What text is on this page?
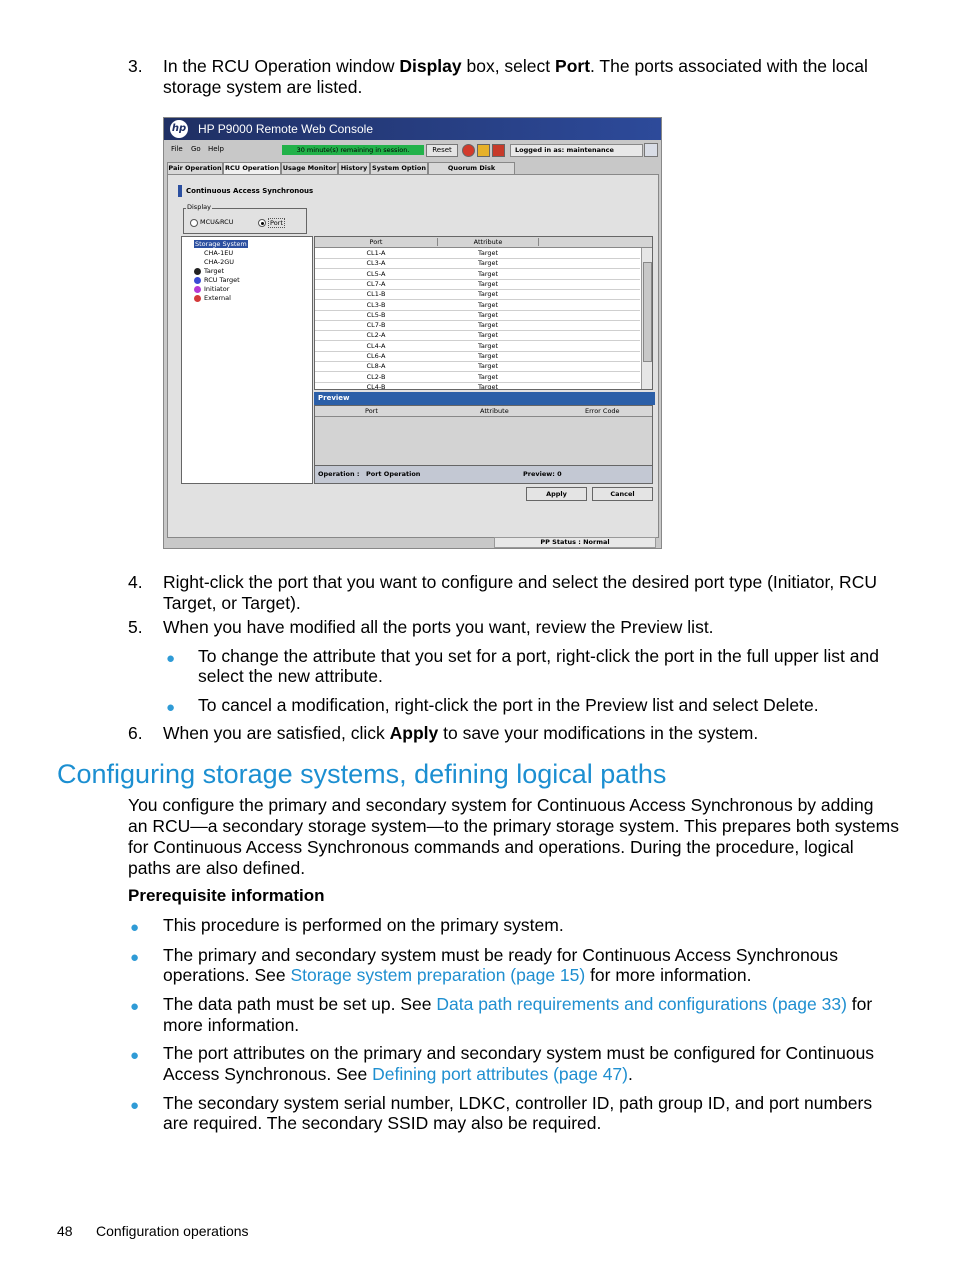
3.	In the RCU Operation window Display box, select Port. The ports associated with the local
storage system are listed.
hp HP P9000 Remote Web Console
File Go Help	30 minute(s) remaining in session.	Reset	Logged in as: maintenance
Pair Operation RCU Operation Usage Monitor History System Option	Quorum Disk
Continuous Access Synchronous
Display
MCU&RCU	Port
Storage System
CHA-1EU
CHA-2GU
Target
RCU Target
Initiator
External
Port	Attribute
CL1-A	Target
CL3-A	Target
CL5-A	Target
CL7-A	Target
CL1-B	Target
CL3-B	Target
CL5-B	Target
CL7-B	Target
CL2-A	Target
CL4-A	Target
CL6-A	Target
CL8-A	Target
CL2-B	Target
CL4-B	Target
Preview
Port	Attribute	Error Code
Operation : Port Operation	Preview: 0
Apply	Cancel
PP Status : Normal
4.	Right-click the port that you want to configure and select the desired port type (Initiator, RCU
Target, or Target).
5.	When you have modified all the ports you want, review the Preview list.
● To change the attribute that you set for a port, right-click the port in the full upper list and
select the new attribute.
● To cancel a modification, right-click the port in the Preview list and select Delete.
6.	When you are satisfied, click Apply to save your modifications in the system.
Configuring storage systems, defining logical paths
You configure the primary and secondary system for Continuous Access Synchronous by adding
an RCU—a secondary storage system—to the primary storage system. This prepares both systems
for Continuous Access Synchronous commands and operations. During the procedure, logical
paths are also defined.
Prerequisite information
● This procedure is performed on the primary system.
● The primary and secondary system must be ready for Continuous Access Synchronous
operations. See Storage system preparation (page 15) for more information.
● The data path must be set up. See Data path requirements and configurations (page 33) for
more information.
● The port attributes on the primary and secondary system must be configured for Continuous
Access Synchronous. See Defining port attributes (page 47).
● The secondary system serial number, LDKC, controller ID, path group ID, and port numbers
are required. The secondary SSID may also be required.
48 Configuration operations
